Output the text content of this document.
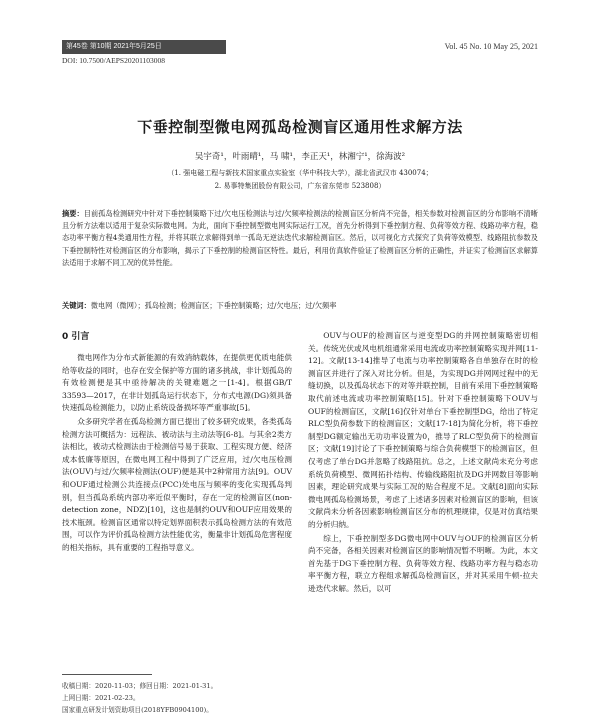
第45卷 第10期 2021年5月25日	Vol. 45 No. 10 May 25, 2021
DOI: 10.7500/AEPS20201103008
下垂控制型微电网孤岛检测盲区通用性求解方法
吴宇奇¹，叶雨晴¹，马 啸¹，李正天¹，林湘宁¹，徐海波²
（1. 强电磁工程与新技术国家重点实验室（华中科技大学），湖北省武汉市 430074；
2. 易事特集团股份有限公司，广东省东莞市 523808）
摘要：目前孤岛检测研究中针对下垂控制策略下过/欠电压检测法与过/欠频率检测法的检测盲区分析尚不完备，相关参数对检测盲区的分布影响不清晰且分析方法难以适用于复杂实际微电网。为此，面向下垂控制型微电网实际运行工况，首先分析得到下垂控制方程、负荷等效方程、线路功率方程，稳态功率平衡方程4类通用性方程，并将其联立求解得到单一孤岛无逆法迭代求解检测盲区。然后，以可视化方式探究了负荷等效模型、线路阻抗参数及下垂控制特性对检测盲区的分布影响，揭示了下垂控制的检测盲区特性。最后，利用仿真软件验证了检测盲区分析的正确性，并证实了检测盲区求解算法适用于求解不同工况的优异性能。
关键词：微电网（微网）；孤岛检测；检测盲区；下垂控制策略；过/欠电压；过/欠频率
0 引言

微电网作为分布式新能源的有效消纳载体，在提供更优质电能供给等收益的同时，也存在安全保护等方面的诸多挑战，非计划孤岛的有效检测便是其中亟待解决的关键难题之一[1-4]。根据GB/T 33593—2017，在非计划孤岛运行状态下，分布式电源(DG)须具备快速孤岛检测能力，以防止系统设备损坏等严重事故[5]。

众多研究学者在孤岛检测方面已提出了较多研究成果，各类孤岛检测方法可概括为：远程法、被动法与主动法等[6-8]。与其余2类方法相比，被动式检测法由于检测信号易于获取、工程实现方便、经济成本低廉等原因，在微电网工程中得到了广泛应用，过/欠电压检测法(OUV)与过/欠频率检测法(OUF)便是其中2种常用方法[9]。OUV和OUF通过检测公共连接点(PCC)处电压与频率的变化实现孤岛判别，但当孤岛系统内部功率近似平衡时，存在一定的检测盲区(non-detection zone，NDZ)[10]，这也是制约OUV和OUF应用效果的技术瓶颈。检测盲区通常以特定划界面积表示孤岛检测方法的有效范围，可以作为评价孤岛检测方法性能优劣，衡量非计划孤岛危害程度的相关指标，具有重要的工程指导意义。

OUV与OUF的检测盲区与逆变型DG的并网控制策略密切相关。传统光伏或风电机组通常采用电流或功率控制策略实现并网[11-12]。文献[13-14]推导了电流与功率控制策略各自单独存在时的检测盲区并进行了深入对比分析。但是，为实现DG并网网过程中的无缝切换，以及孤岛状态下的对等并联控制，目前有采用下垂控制策略取代前述电流或功率控制策略[15]。针对下垂控制策略下OUV与OUF的检测盲区，文献[16]仅针对单台下垂控制型DG，给出了特定RLC型负荷参数下的检测盲区；文献[17-18]为简化分析，将下垂控制型DG额定输出无功功率设置为0，推导了RLC型负荷下的检测盲区；文献[19]讨论了下垂控制策略与综合负荷模型下的检测盲区，但仅考虑了单台DG并忽略了线路阻抗。总之，上述文献尚未充分考虑系统负荷模型、微网拓扑结构、传输线路阻抗及DG并网数目等影响因素，理论研究成果与实际工况的贴合程度不足。文献[8]面向实际微电网孤岛检测场景，考虑了上述诸多因素对检测盲区的影响，但该文献尚未分析各因素影响检测盲区分布的机理规律，仅是对仿真结果的分析归纳。

综上，下垂控制型多DG微电网中OUV与OUF的检测盲区分析尚不完备，各相关因素对检测盲区的影响情况暂不明晰。为此，本文首先基于DG下垂控制方程、负荷等效方程、线路功率方程与稳态功率平衡方程，联立方程组求解孤岛检测盲区，并对其采用牛顿-拉夫逊迭代求解。然后，以可

收稿日期：2020-11-03；修回日期：2021-01-31。
上网日期：2021-02-23。
国家重点研发计划资助项目(2018YFB0904100)。
